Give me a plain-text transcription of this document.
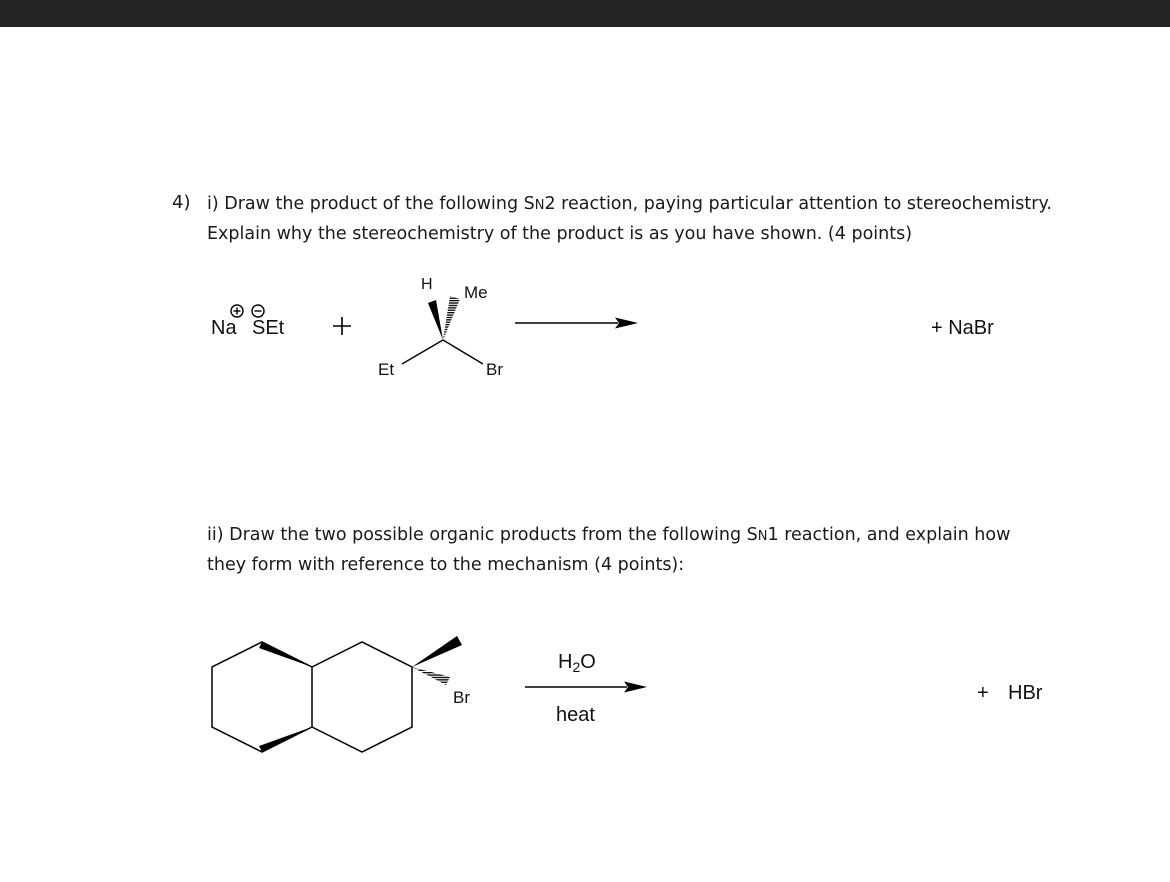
4) i) Draw the product of the following SN2 reaction, paying particular attention to stereochemistry.
Explain why the stereochemistry of the product is as you have shown. (4 points)
ii) Draw the two possible organic products from the following SN1 reaction, and explain how
they form with reference to the mechanism (4 points):
Na SEt
H Me
Et	Br
+ NaBr
Br
$H_2O$
heat
+ HBr
